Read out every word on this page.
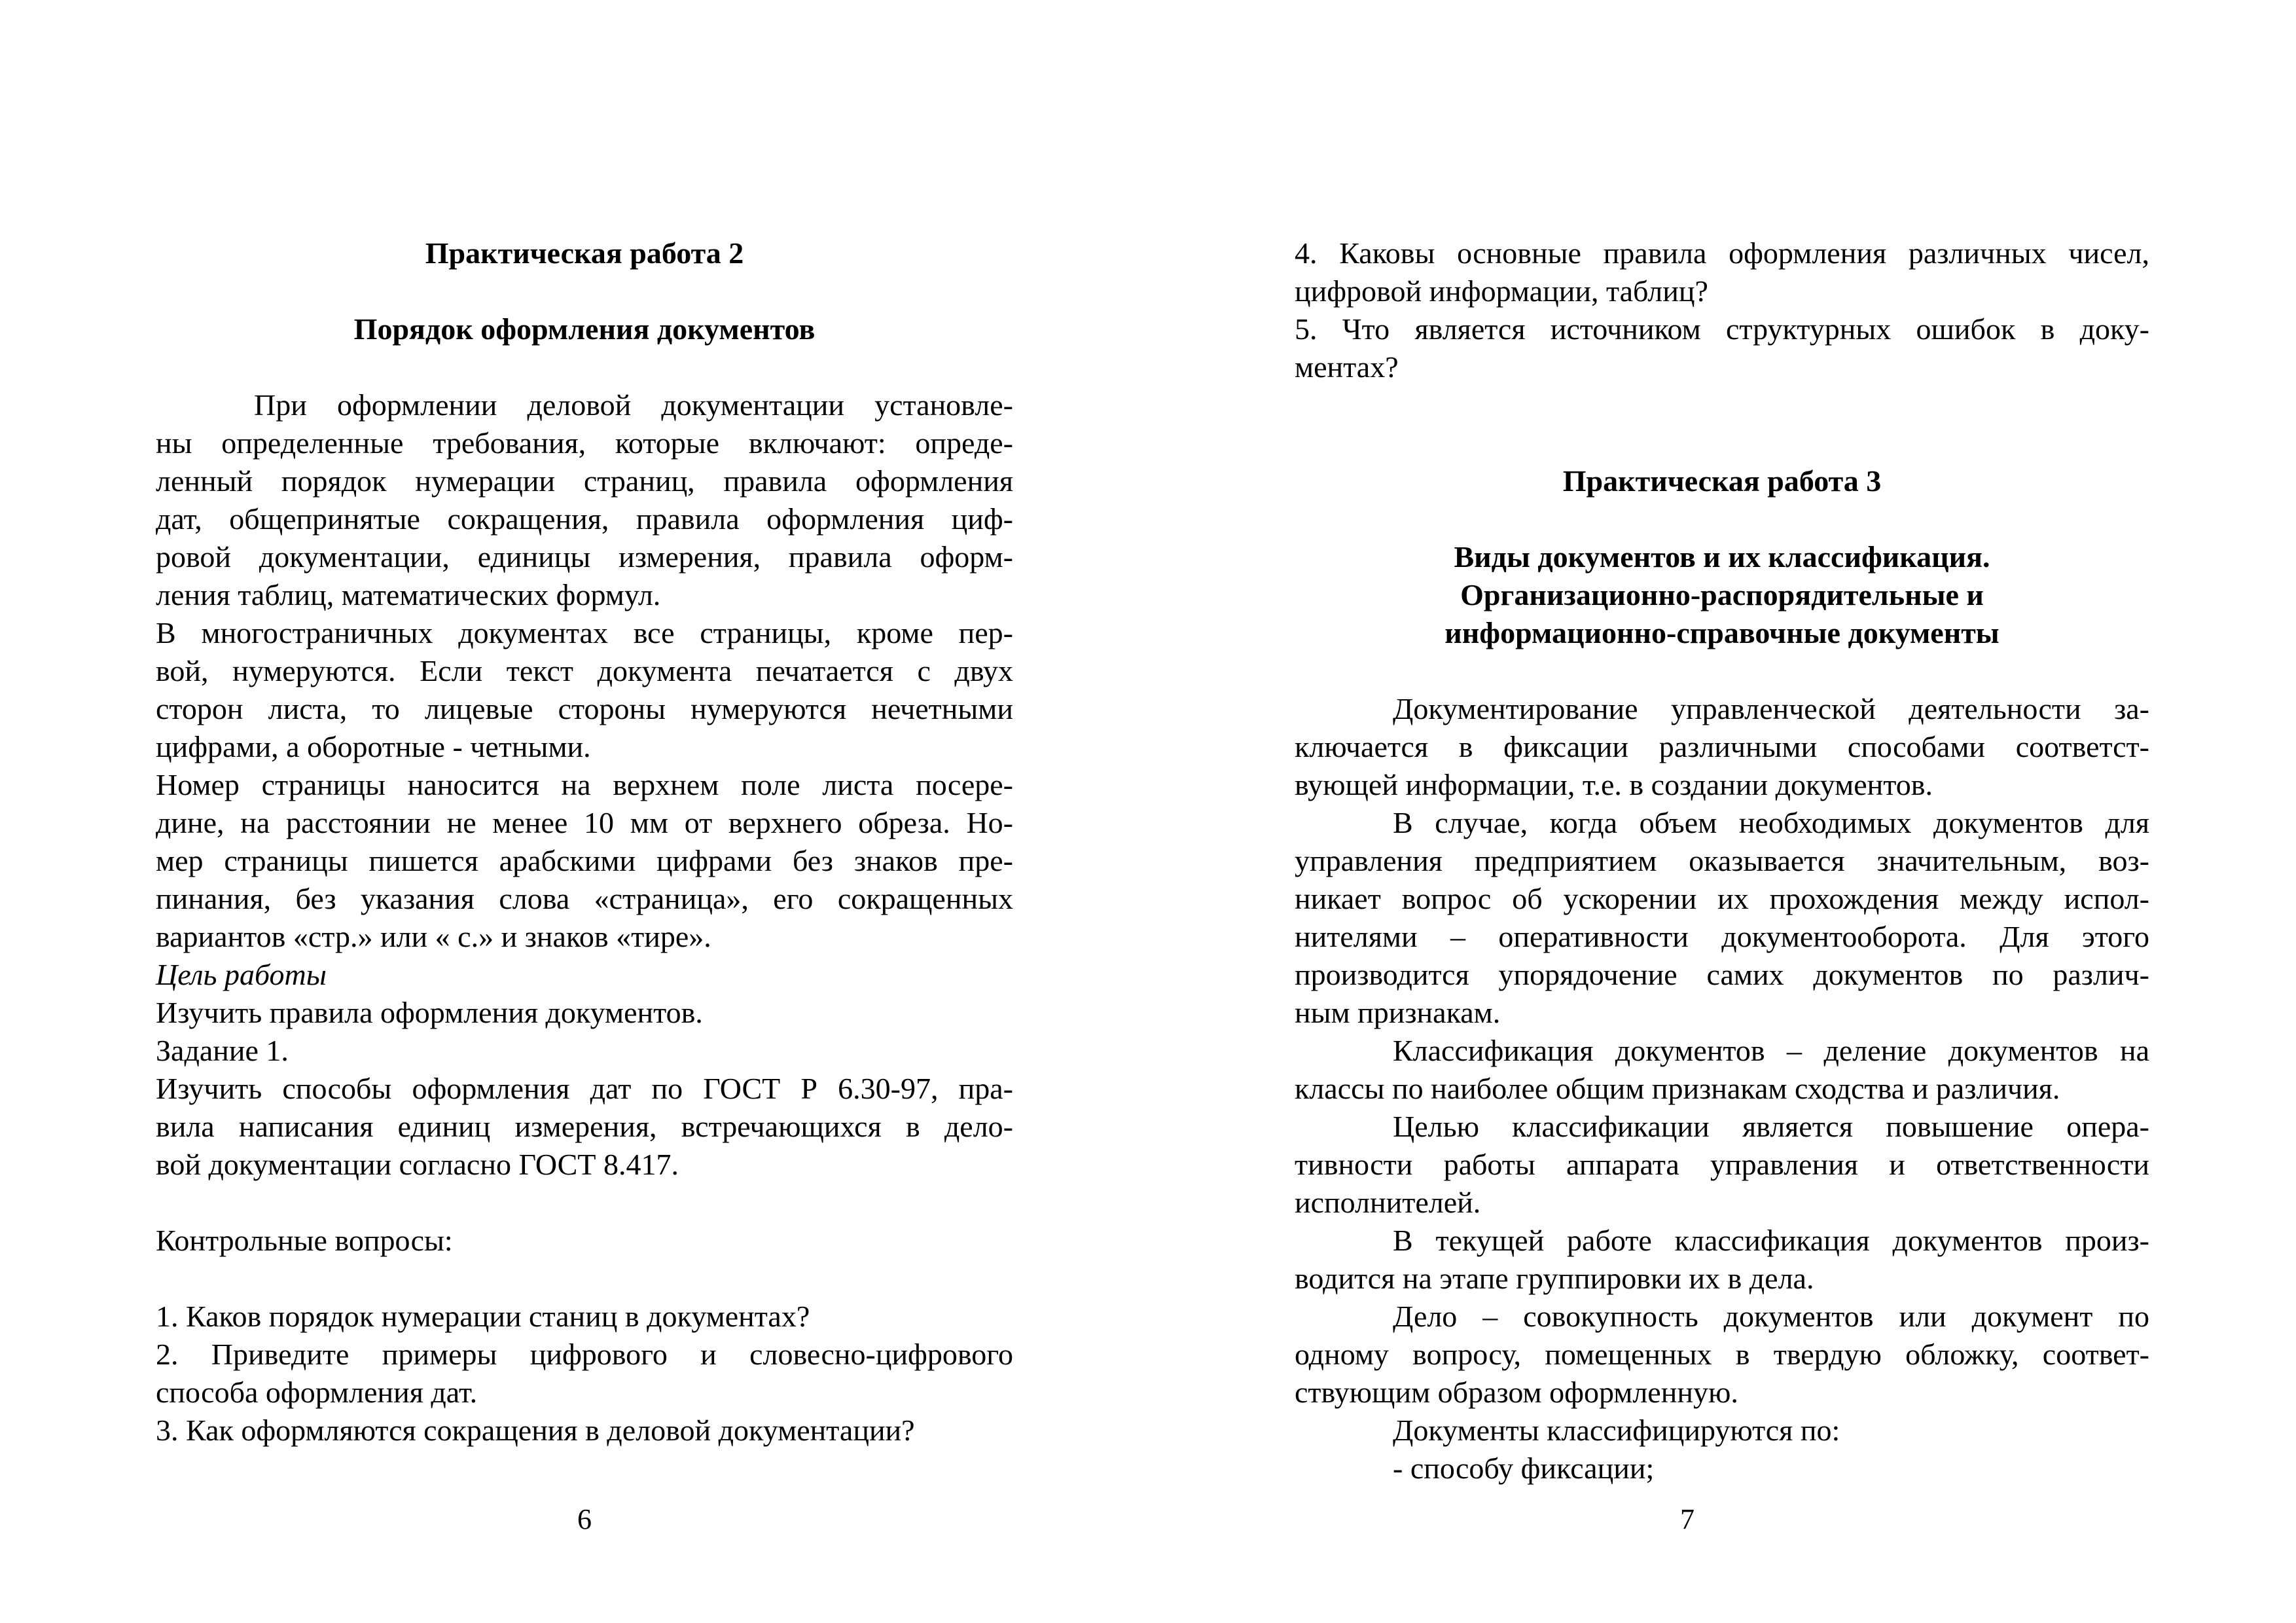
Практическая работа 2
Порядок оформления документов
При оформлении деловой документации установле-
ны определенные требования, которые включают: опреде-
ленный порядок нумерации страниц, правила оформления
дат, общепринятые сокращения, правила оформления циф-
ровой документации, единицы измерения, правила оформ-
ления таблиц, математических формул.
В многостраничных документах все страницы, кроме пер-
вой, нумеруются. Если текст документа печатается с двух
сторон листа, то лицевые стороны нумеруются нечетными
цифрами, а оборотные - четными.
Номер страницы наносится на верхнем поле листа посере-
дине, на расстоянии не менее 10 мм от верхнего обреза. Но-
мер страницы пишется арабскими цифрами без знаков пре-
пинания, без указания слова «страница», его сокращенных
вариантов «стр.» или « с.» и знаков «тире».
Цель работы
Изучить правила оформления документов.
Задание 1.
Изучить способы оформления дат по ГОСТ Р 6.30-97, пра-
вила написания единиц измерения, встречающихся в дело-
вой документации согласно ГОСТ 8.417.
Контрольные вопросы:
1. Каков порядок нумерации станиц в документах?
2. Приведите примеры цифрового и словесно-цифрового
способа оформления дат.
3. Как оформляются сокращения в деловой документации?
6
4. Каковы основные правила оформления различных чисел,
цифровой информации, таблиц?
5. Что является источником структурных ошибок в доку-
ментах?
Практическая работа 3
Виды документов и их классификация.
Организационно-распорядительные и
информационно-справочные документы
Документирование управленческой деятельности за-
ключается в фиксации различными способами соответст-
вующей информации, т.е. в создании документов.
В случае, когда объем необходимых документов для
управления предприятием оказывается значительным, воз-
никает вопрос об ускорении их прохождения между испол-
нителями – оперативности документооборота. Для этого
производится упорядочение самих документов по различ-
ным признакам.
Классификация документов – деление документов на
классы по наиболее общим признакам сходства и различия.
Целью классификации является повышение опера-
тивности работы аппарата управления и ответственности
исполнителей.
В текущей работе классификация документов произ-
водится на этапе группировки их в дела.
Дело – совокупность документов или документ по
одному вопросу, помещенных в твердую обложку, соответ-
ствующим образом оформленную.
Документы классифицируются по:
- способу фиксации;
7
